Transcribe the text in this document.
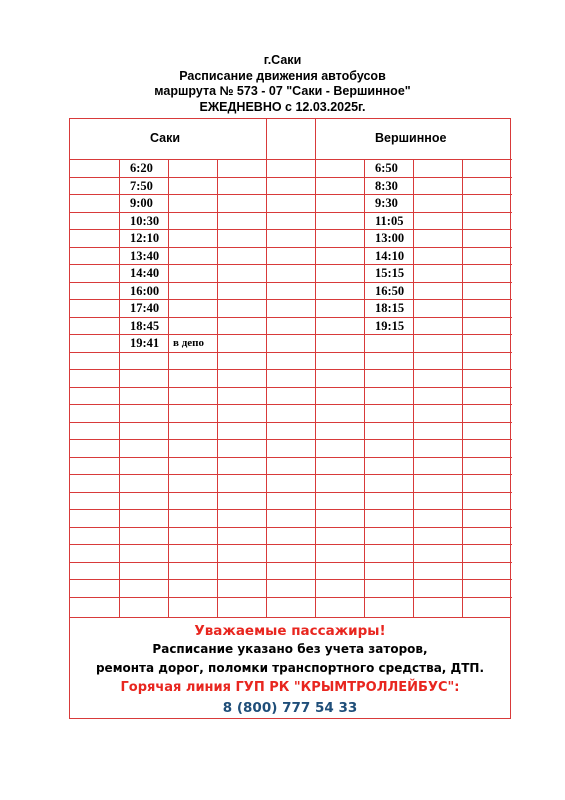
г.Саки
Расписание движения автобусов
маршрута № 573 - 07 "Саки - Вершинное"
ЕЖЕДНЕВНО с 12.03.2025г.
Саки	Вершинное
6:20
7:50
9:00
10:30
12:10
13:40
14:40
16:00
17:40
18:45
19:41 в депо
6:50
8:30
9:30
11:05
13:00
14:10
15:15
16:50
18:15
19:15
Уважаемые пассажиры!
Расписание указано без учета заторов,
ремонта дорог, поломки транспортного средства, ДТП.
Горячая линия ГУП РК "КРЫМТРОЛЛЕЙБУС":
8 (800) 777 54 33
